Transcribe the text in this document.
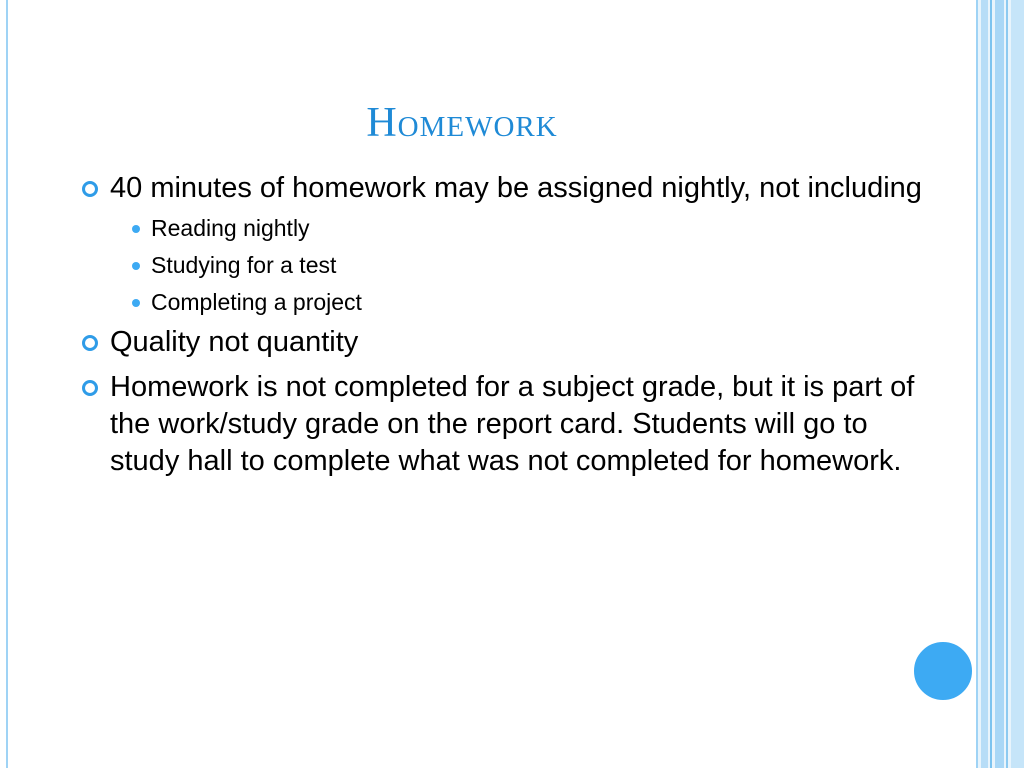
Homework
40 minutes of homework may be assigned nightly, not including
Reading nightly
Studying for a test
Completing a project
Quality not quantity
Homework is not completed for a subject grade, but it is part of the work/study grade on the report card. Students will go to study hall to complete what was not completed for homework.
